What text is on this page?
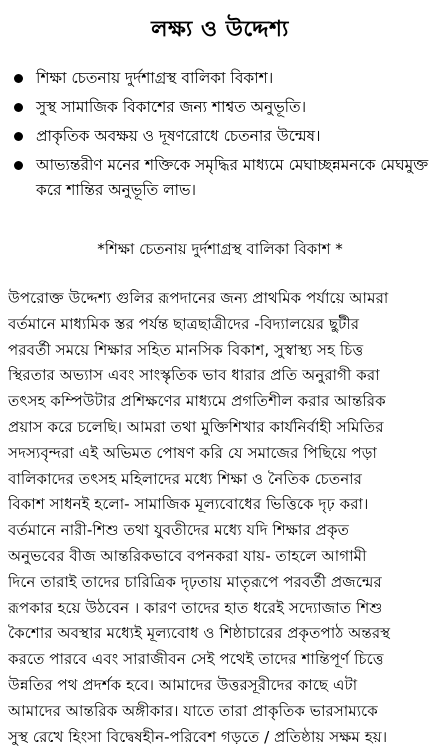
লক্ষ্য ও উদ্দেশ্য
শিক্ষা চেতনায় দুর্দশাগ্রস্থ বালিকা বিকাশ।
সুস্থ সামাজিক বিকাশের জন্য শাশ্বত অনুভূতি।
প্রাকৃতিক অবক্ষয় ও দূষণরোধে চেতনার উন্মেষ।
আভ্যন্তরীণ মনের শক্তিকে সমৃদ্ধির মাধ্যমে মেঘাচ্ছন্নমনকে মেঘমুক্ত করে শান্তির অনুভূতি লাভ।
*শিক্ষা চেতনায় দুর্দশাগ্রস্থ বালিকা বিকাশ *
উপরোক্ত উদ্দেশ্য গুলির রূপদানের জন্য প্রাথমিক পর্যায়ে আমরা
বর্তমানে মাধ্যমিক স্তর পর্যন্ত ছাত্রছাত্রীদের -বিদ্যালয়ের ছুটীর
পরবর্তী সময়ে শিক্ষার সহিত মানসিক বিকাশ, সুস্বাস্থ্য সহ চিত্ত
স্থিরতার অভ্যাস এবং সাংস্কৃতিক ভাব ধারার প্রতি অনুরাগী করা
তৎসহ কম্পিউটার প্রশিক্ষণের মাধ্যমে প্রগতিশীল করার আন্তরিক
প্রয়াস করে চলেছি। আমরা তথা মুক্তিশিখার কার্যনির্বাহী সমিতির
সদস্যবৃন্দরা এই অভিমত পোষণ করি যে সমাজের পিছিয়ে পড়া
বালিকাদের তৎসহ মহিলাদের মধ্যে শিক্ষা ও নৈতিক চেতনার
বিকাশ সাধনই হলো- সামাজিক মূল্যবোধের ভিত্তিকে দৃঢ় করা।
বর্তমানে নারী-শিশু তথা যুবতীদের মধ্যে যদি শিক্ষার প্রকৃত
অনুভবের বীজ আন্তরিকভাবে বপনকরা যায়- তাহলে আগামী
দিনে তারাই তাদের চারিত্রিক দৃঢ়তায় মাতৃরূপে পরবর্তী প্রজন্মের
রূপকার হয়ে উঠবেন । কারণ তাদের হাত ধরেই সদ্যোজাত শিশু
কৈশোর অবস্থার মধ্যেই মূল্যবোধ ও শিষ্ঠাচারের প্রকৃতপাঠ অন্তরস্থ
করতে পারবে এবং সারাজীবন সেই পথেই তাদের শান্তিপূর্ণ চিত্তে
উন্নতির পথ প্রদর্শক হবে। আমাদের উত্তরসূরীদের কাছে এটা
আমাদের আন্তরিক অঙ্গীকার। যাতে তারা প্রাকৃতিক ভারসাম্যকে
সুস্থ রেখে হিংসা বিদ্বেষহীন-পরিবেশ গড়তে / প্রতিষ্ঠায় সক্ষম হয়।
